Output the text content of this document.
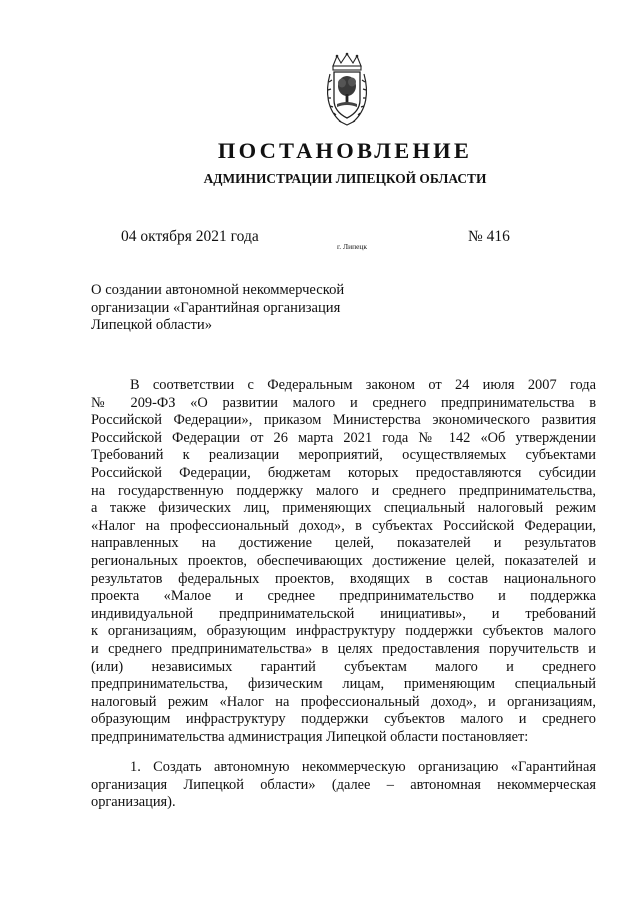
ПОСТАНОВЛЕНИЕ
АДМИНИСТРАЦИИ ЛИПЕЦКОЙ ОБЛАСТИ
04 октября 2021 года
г. Липецк
№ 416
О создании автономной некоммерческой
организации «Гарантийная организация
Липецкой области»
В соответствии с Федеральным законом от 24 июля 2007 года
№ 209-ФЗ «О развитии малого и среднего предпринимательства в
Российской Федерации», приказом Министерства экономического развития
Российской Федерации от 26 марта 2021 года № 142 «Об утверждении
Требований к реализации мероприятий, осуществляемых субъектами
Российской Федерации, бюджетам которых предоставляются субсидии
на государственную поддержку малого и среднего предпринимательства,
а также физических лиц, применяющих специальный налоговый режим
«Налог на профессиональный доход», в субъектах Российской Федерации,
направленных на достижение целей, показателей и результатов
региональных проектов, обеспечивающих достижение целей, показателей и
результатов федеральных проектов, входящих в состав национального
проекта «Малое и среднее предпринимательство и поддержка
индивидуальной предпринимательской инициативы», и требований
к организациям, образующим инфраструктуру поддержки субъектов малого
и среднего предпринимательства» в целях предоставления поручительств и
(или) независимых гарантий субъектам малого и среднего
предпринимательства, физическим лицам, применяющим специальный
налоговый режим «Налог на профессиональный доход», и организациям,
образующим инфраструктуру поддержки субъектов малого и среднего
предпринимательства администрация Липецкой области постановляет:
1. Создать автономную некоммерческую организацию «Гарантийная
организация Липецкой области» (далее – автономная некоммерческая
организация).
